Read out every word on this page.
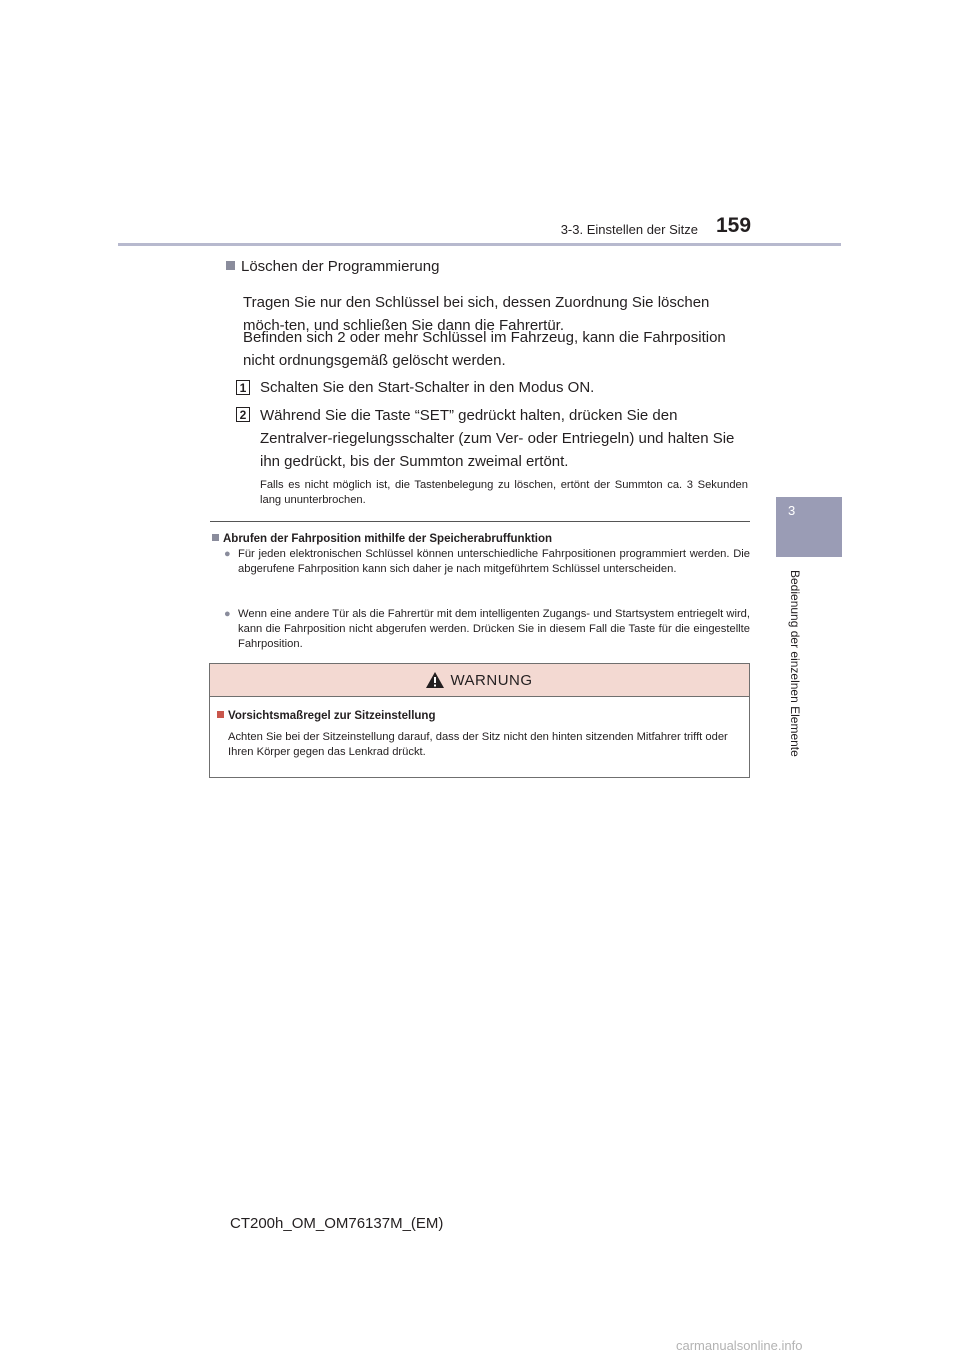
3-3. Einstellen der Sitze 159
3
Bedienung der einzelnen Elemente
Löschen der Programmierung
Tragen Sie nur den Schlüssel bei sich, dessen Zuordnung Sie löschen möch-ten, und schließen Sie dann die Fahrertür.
Befinden sich 2 oder mehr Schlüssel im Fahrzeug, kann die Fahrposition nicht ordnungsgemäß gelöscht werden.
1 Schalten Sie den Start-Schalter in den Modus ON.
2 Während Sie die Taste “SET” gedrückt halten, drücken Sie den Zentralver-riegelungsschalter (zum Ver- oder Entriegeln) und halten Sie ihn gedrückt, bis der Summton zweimal ertönt.
Falls es nicht möglich ist, die Tastenbelegung zu löschen, ertönt der Summton ca. 3 Sekunden lang ununterbrochen.
Abrufen der Fahrposition mithilfe der Speicherabruffunktion
● Für jeden elektronischen Schlüssel können unterschiedliche Fahrpositionen programmiert werden. Die abgerufene Fahrposition kann sich daher je nach mitgeführtem Schlüssel unterscheiden.
● Wenn eine andere Tür als die Fahrertür mit dem intelligenten Zugangs- und Startsystem entriegelt wird, kann die Fahrposition nicht abgerufen werden. Drücken Sie in diesem Fall die Taste für die eingestellte Fahrposition.
WARNUNG
Vorsichtsmaßregel zur Sitzeinstellung
Achten Sie bei der Sitzeinstellung darauf, dass der Sitz nicht den hinten sitzenden Mitfahrer trifft oder Ihren Körper gegen das Lenkrad drückt.
CT200h_OM_OM76137M_(EM)
carmanualsonline.info
